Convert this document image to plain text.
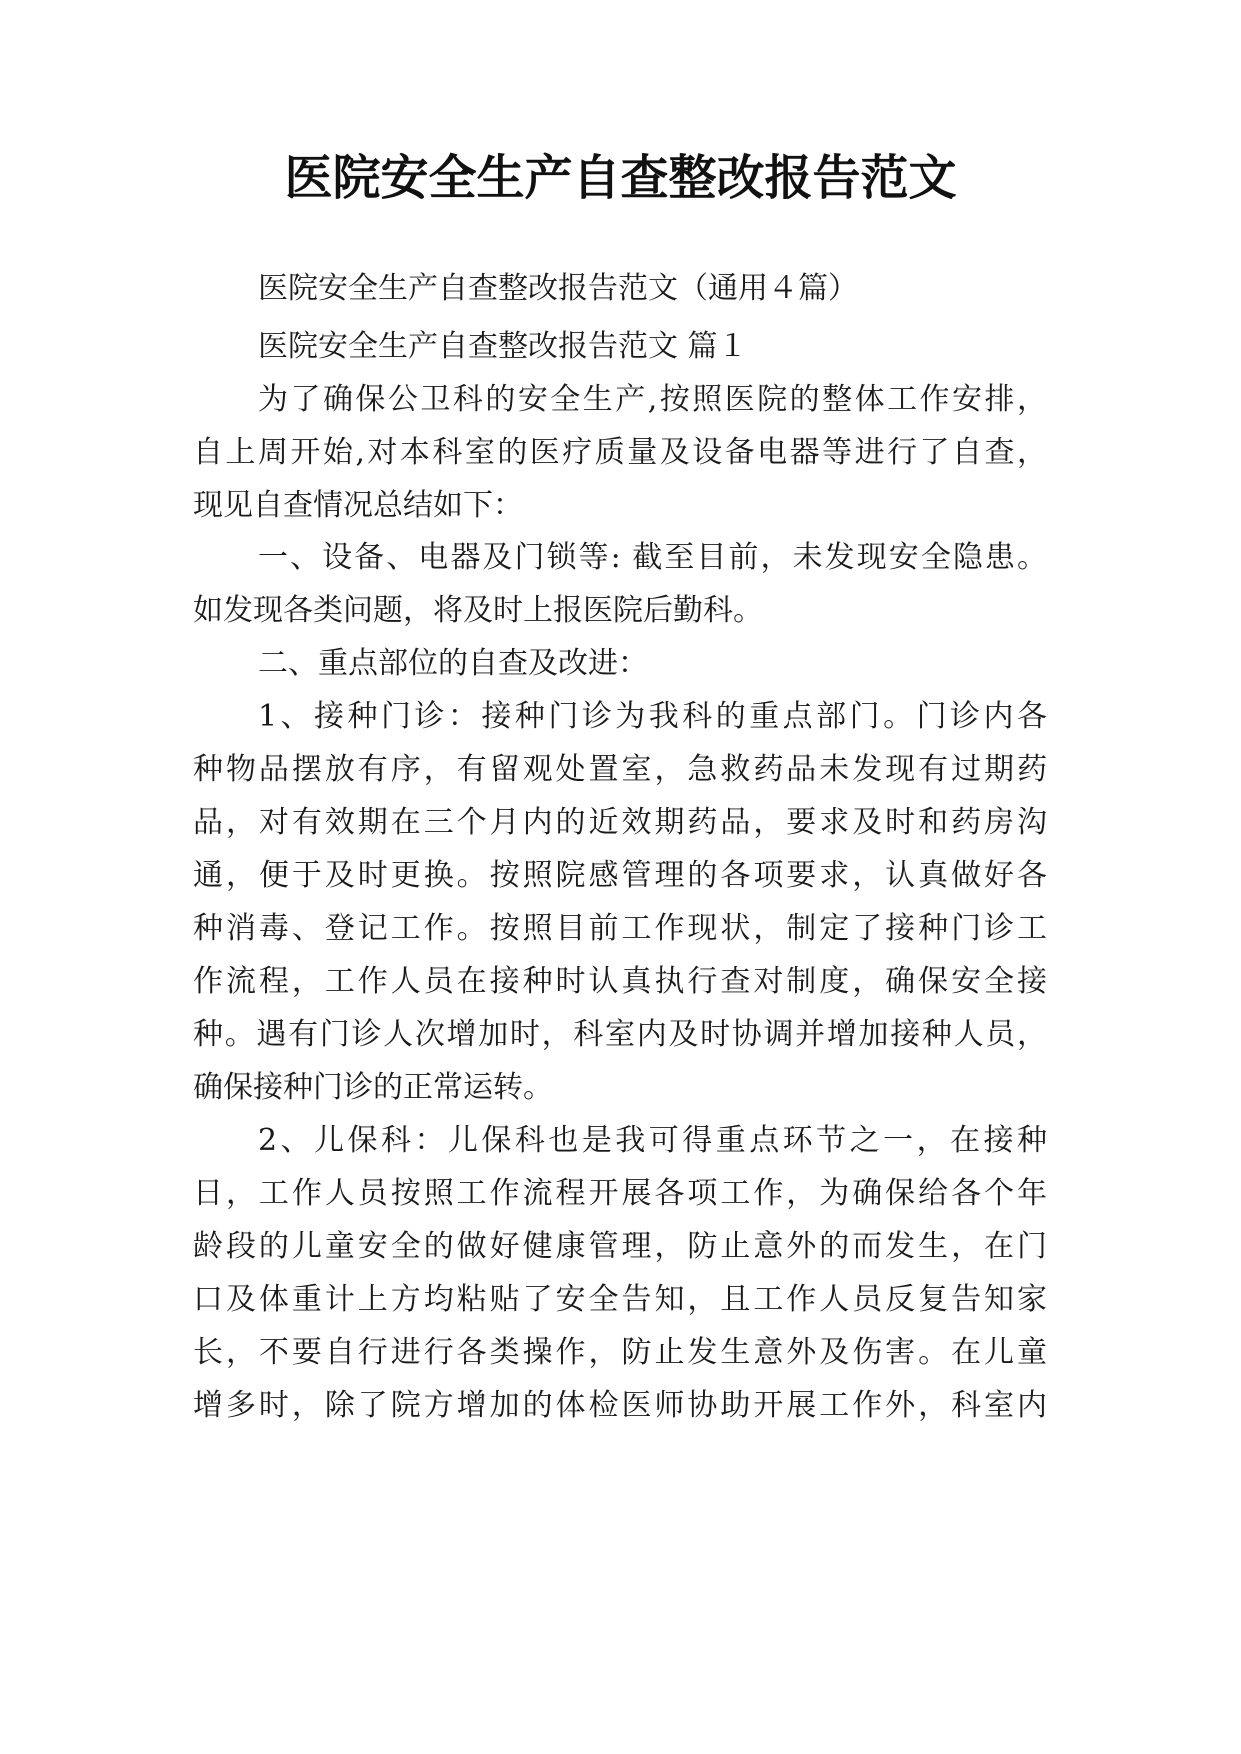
医院安全生产自查整改报告范文
医院安全生产自查整改报告范文（通用４篇）
医院安全生产自查整改报告范文 篇１
为了确保公卫科的安全生产,按照医院的整体工作安排，
自上周开始,对本科室的医疗质量及设备电器等进行了自查，
现见自查情况总结如下：
一、设备、电器及门锁等: 截至目前，未发现安全隐患。
如发现各类问题，将及时上报医院后勤科。
二、重点部位的自查及改进：
1、接种门诊：接种门诊为我科的重点部门。门诊内各
种物品摆放有序，有留观处置室，急救药品未发现有过期药
品，对有效期在三个月内的近效期药品，要求及时和药房沟
通，便于及时更换。按照院感管理的各项要求，认真做好各
种消毒、登记工作。按照目前工作现状，制定了接种门诊工
作流程，工作人员在接种时认真执行查对制度，确保安全接
种。遇有门诊人次增加时，科室内及时协调并增加接种人员，
确保接种门诊的正常运转。
2、儿保科：儿保科也是我可得重点环节之一，在接种
日，工作人员按照工作流程开展各项工作，为确保给各个年
龄段的儿童安全的做好健康管理，防止意外的而发生，在门
口及体重计上方均粘贴了安全告知，且工作人员反复告知家
长，不要自行进行各类操作，防止发生意外及伤害。在儿童
增多时，除了院方增加的体检医师协助开展工作外，科室内
